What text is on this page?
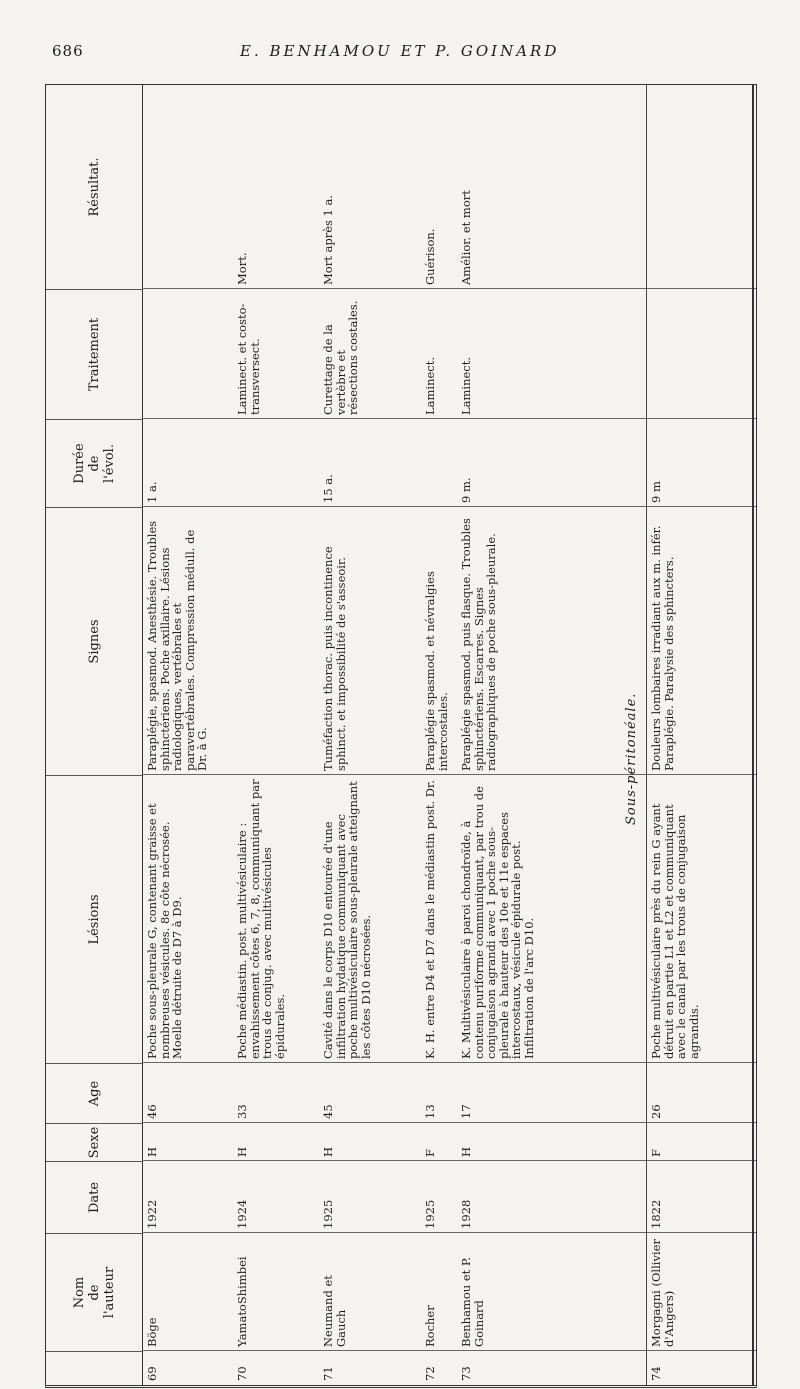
686	E. BENHAMOU ET P. GOINARD
Nom
de
l'auteur
Date
Sexe
Age
Lésions
Signes
Durée
de
l'évol.
Traitement
Résultat.
69
Böge
1922
H
46
Poche sous-pleurale G, contenant graisse et nombreuses vésicules. 8e côte nécrosée. Moelle détruite de D7 à D9.
Paraplégie, spasmod. Anesthésie. Troubles sphinctériens. Poche axillaire. Lésions radiologiques, vertébrales et paravertébrales. Compression médull. de Dr. à G.
1 a.
70
YamatoShimbei
1924
H
33
Poche médiastin. post. multivésiculaire : envahissement côtes 6, 7, 8, communiquant par trous de conjug. avec multivésicules épidurales.
Laminect. et costo-transversect.
Mort.
71
Neumand et Gauch
1925
H
45
Cavité dans le corps D10 entourée d'une infiltration hydatique communiquant avec poche multivésiculaire sous-pleurale atteignant les côtes D10 nécrosées.
Tuméfaction thorac. puis incontinence sphinct. et impossibilité de s'asseoir.
15 a.
Curettage de la vertèbre et résections costales.
Mort après 1 a.
72
Rocher
1925
F
13
K. H. entre D4 et D7 dans le médiastin post. Dr.
Paraplégie spasmod. et névralgies intercostales.
Laminect.
Guérison.
73
Benhamou et P. Goinard
1928
H
17
K. Multivésiculaire à paroi chondroïde, à contenu puriforme communiquant, par trou de conjugaison agrandi avec 1 poche sous-pleurale à hauteur des 10e et 11e espaces intercostaux, vésicule épidurale post. Infiltration de l'arc D10.
Paraplégie spasmod. puis flasque. Troubles sphinctériens. Escarres. Signes radiographiques de poche sous-pleurale.
9 m.
Laminect.
Amélior. et mort
Sous-péritonéale.
74
Morgagni (Ollivier d'Angers)
1822
F
26
Poche multivésiculaire près du rein G ayant détruit en partie L1 et L2 et communiquant avec le canal par les trous de conjugaison agrandis.
Douleurs lombaires irradiant aux m. infér. Paraplégie. Paralysie des sphincters.
9 m
